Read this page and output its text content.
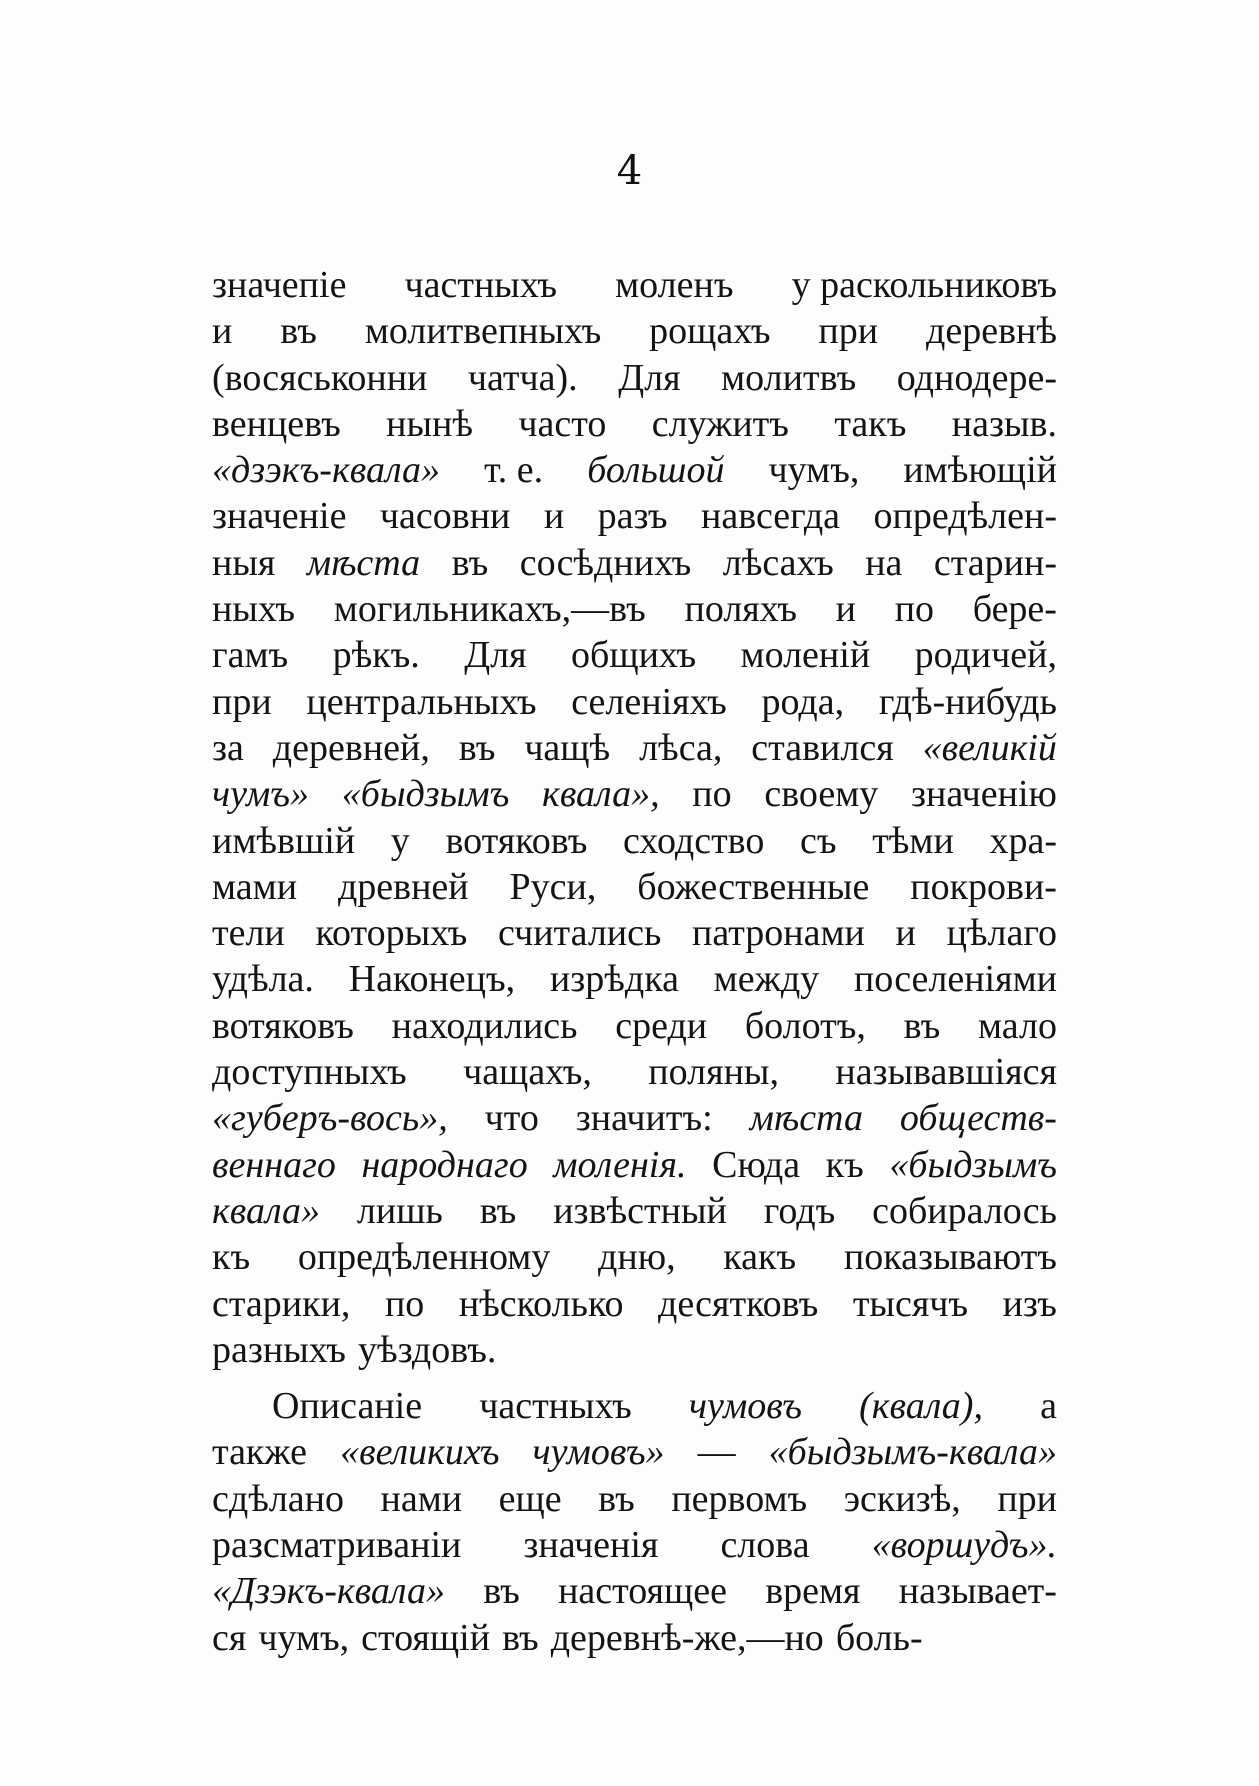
4
значепіе частныхъ моленъ у раскольниковъ
и въ молитвепныхъ рощахъ при деревнѣ
(восяськонни чатча). Для молитвъ однодере-
венцевъ нынѣ часто служитъ такъ назыв.
«дзэкъ-квала» т. е. большой чумъ, имѣющій
значеніе часовни и разъ навсегда опредѣлен-
ныя мѣста въ сосѣднихъ лѣсахъ на старин-
ныхъ могильникахъ,—въ поляхъ и по бере-
гамъ рѣкъ. Для общихъ моленій родичей,
при центральныхъ селеніяхъ рода, гдѣ-нибудь
за деревней, въ чащѣ лѣса, ставился «великій
чумъ» «быдзымъ квала», по своему значенію
имѣвшій у вотяковъ сходство съ тѣми хра-
мами древней Руси, божественные покрови-
тели которыхъ считались патронами и цѣлаго
удѣла. Наконецъ, изрѣдка между поселеніями
вотяковъ находились среди болотъ, въ мало
доступныхъ чащахъ, поляны, называвшіяся
«губеръ-вось», что значитъ: мѣста обществ-
веннаго народнаго моленія. Сюда къ «быдзымъ
квала» лишь въ извѣстный годъ собиралось
къ опредѣленному дню, какъ показываютъ
старики, по нѣсколько десятковъ тысячъ изъ
разныхъ уѣздовъ.
Описаніе частныхъ чумовъ (квала), а
также «великихъ чумовъ» — «быдзымъ-квала»
сдѣлано нами еще въ первомъ эскизѣ, при
разсматриваніи значенія слова «воршудъ».
«Дзэкъ-квала» въ настоящее время называет-
ся чумъ, стоящій въ деревнѣ-же,—но боль-
